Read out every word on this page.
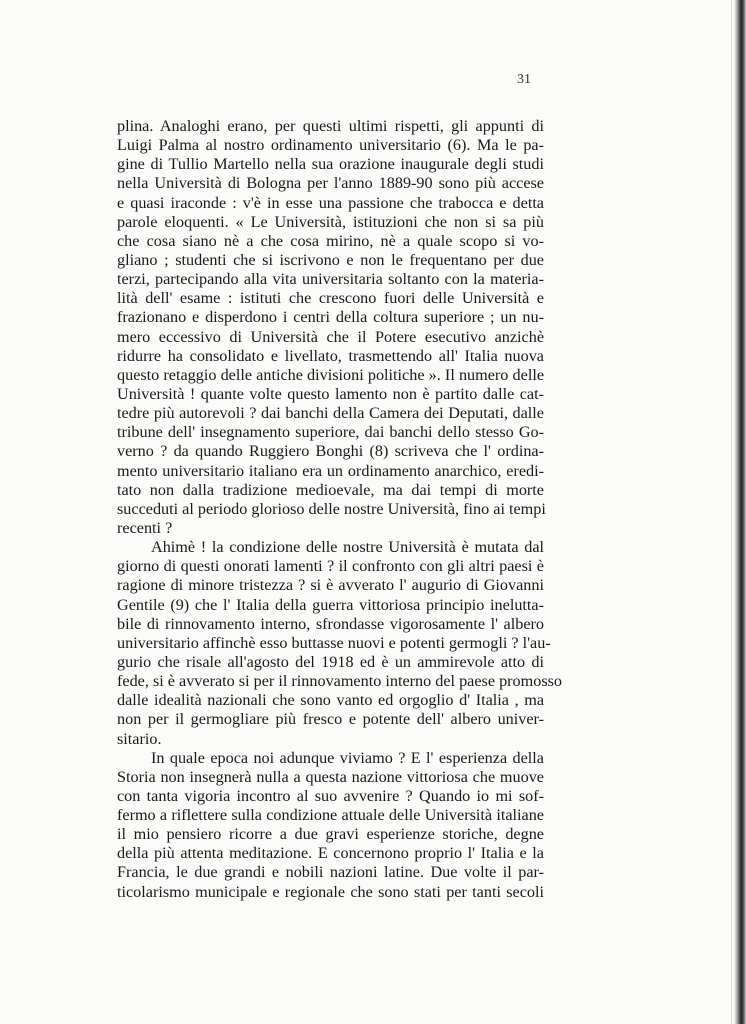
31
plina. Analoghi erano, per questi ultimi rispetti, gli appunti di
Luigi Palma al nostro ordinamento universitario (6). Ma le pa-
gine di Tullio Martello nella sua orazione inaugurale degli studi
nella Università di Bologna per l'anno 1889-90 sono più accese
e quasi iraconde : v'è in esse una passione che trabocca e detta
parole eloquenti. « Le Università, istituzioni che non si sa più
che cosa siano nè a che cosa mirino, nè a quale scopo si vo-
gliano ; studenti che si iscrivono e non le frequentano per due
terzi, partecipando alla vita universitaria soltanto con la materia-
lità dell' esame : istituti che crescono fuori delle Università e
frazionano e disperdono i centri della coltura superiore ; un nu-
mero eccessivo di Università che il Potere esecutivo anzichè
ridurre ha consolidato e livellato, trasmettendo all' Italia nuova
questo retaggio delle antiche divisioni politiche ». Il numero delle
Università ! quante volte questo lamento non è partito dalle cat-
tedre più autorevoli ? dai banchi della Camera dei Deputati, dalle
tribune dell' insegnamento superiore, dai banchi dello stesso Go-
verno ? da quando Ruggiero Bonghi (8) scriveva che l' ordina-
mento universitario italiano era un ordinamento anarchico, eredi-
tato non dalla tradizione medioevale, ma dai tempi di morte
succeduti al periodo glorioso delle nostre Università, fino ai tempi
recenti ?
Ahimè ! la condizione delle nostre Università è mutata dal
giorno di questi onorati lamenti ? il confronto con gli altri paesi è
ragione di minore tristezza ? si è avverato l' augurio di Giovanni
Gentile (9) che l' Italia della guerra vittoriosa principio inelutta-
bile di rinnovamento interno, sfrondasse vigorosamente l' albero
universitario affinchè esso buttasse nuovi e potenti germogli ? l'au-
gurio che risale all'agosto del 1918 ed è un ammirevole atto di
fede, si è avverato si per il rinnovamento interno del paese promosso
dalle idealità nazionali che sono vanto ed orgoglio d' Italia , ma
non per il germogliare più fresco e potente dell' albero univer-
sitario.
In quale epoca noi adunque viviamo ? E l' esperienza della
Storia non insegnerà nulla a questa nazione vittoriosa che muove
con tanta vigoria incontro al suo avvenire ? Quando io mi sof-
fermo a riflettere sulla condizione attuale delle Università italiane
il mio pensiero ricorre a due gravi esperienze storiche, degne
della più attenta meditazione. E concernono proprio l' Italia e la
Francia, le due grandi e nobili nazioni latine. Due volte il par-
ticolarismo municipale e regionale che sono stati per tanti secoli
